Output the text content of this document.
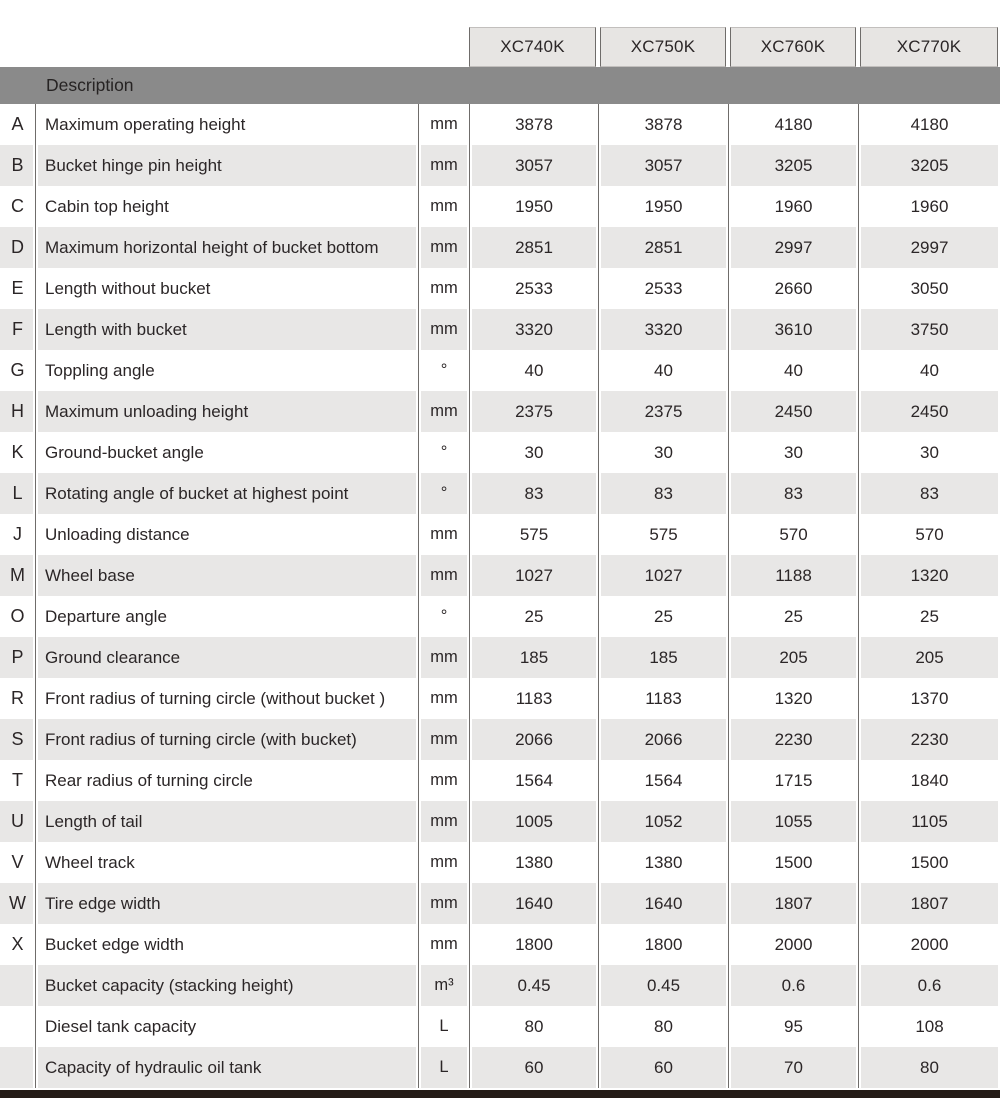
XC740K	XC750K	XC760K	XC770K
Description
A	Maximum operating height	mm	3878	3878	4180	4180
B	Bucket hinge pin height	mm	3057	3057	3205	3205
C	Cabin top height	mm	1950	1950	1960	1960
D	Maximum horizontal height of bucket bottom	mm	2851	2851	2997	2997
E	Length without bucket	mm	2533	2533	2660	3050
F	Length with bucket	mm	3320	3320	3610	3750
G	Toppling angle	°	40	40	40	40
H	Maximum unloading height	mm	2375	2375	2450	2450
K	Ground-bucket angle	°	30	30	30	30
L	Rotating angle of bucket at highest point	°	83	83	83	83
J	Unloading distance	mm	575	575	570	570
M	Wheel base	mm	1027	1027	1188	1320
O	Departure angle	°	25	25	25	25
P	Ground clearance	mm	185	185	205	205
R	Front radius of turning circle (without bucket )	mm	1183	1183	1320	1370
S	Front radius of turning circle (with bucket)	mm	2066	2066	2230	2230
T	Rear radius of turning circle	mm	1564	1564	1715	1840
U	Length of tail	mm	1005	1052	1055	1105
V	Wheel track	mm	1380	1380	1500	1500
W	Tire edge width	mm	1640	1640	1807	1807
X	Bucket edge width	mm	1800	1800	2000	2000
	Bucket capacity (stacking height)	m³	0.45	0.45	0.6	0.6
	Diesel tank capacity	L	80	80	95	108
	Capacity of hydraulic oil tank	L	60	60	70	80
